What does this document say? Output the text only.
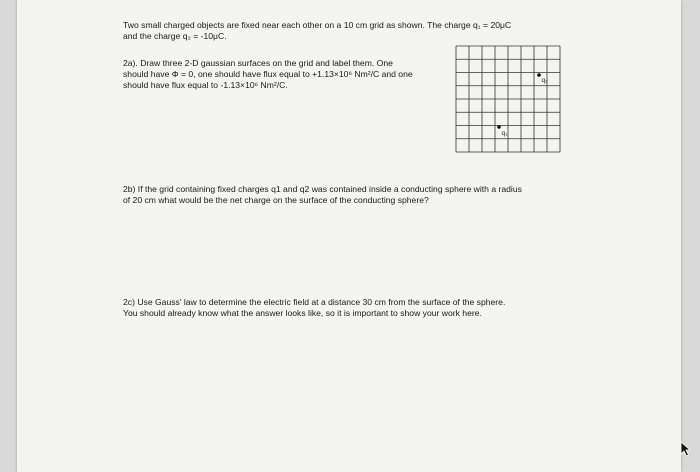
Two small charged objects are fixed near each other on a 10 cm grid as shown. The charge q₁ = 20μC
and the charge q₂ = -10μC.
2a). Draw three 2-D gaussian surfaces on the grid and label them. One
should have Φ = 0, one should have flux equal to +1.13×10⁶ Nm²/C and one
should have flux equal to -1.13×10⁶ Nm²/C.	q₂
q₁
2b) If the grid containing fixed charges q1 and q2 was contained inside a conducting sphere with a radius
of 20 cm what would be the net charge on the surface of the conducting sphere?
2c) Use Gauss' law to determine the electric field at a distance 30 cm from the surface of the sphere.
You should already know what the answer looks like, so it is important to show your work here.
